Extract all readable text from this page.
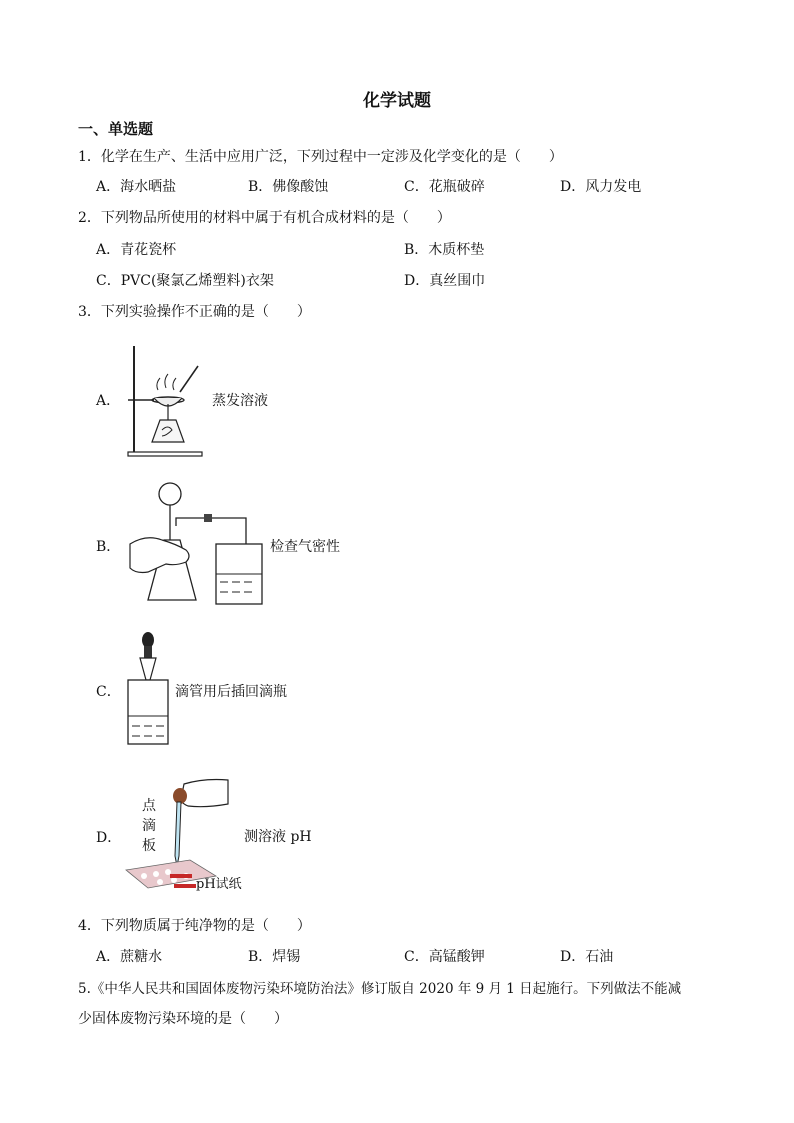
化学试题
一、单选题
1．化学在生产、生活中应用广泛，下列过程中一定涉及化学变化的是（　　）
A．海水晒盐	B．佛像酸蚀	C．花瓶破碎	D．风力发电
2．下列物品所使用的材料中属于有机合成材料的是（　　）
A．青花瓷杯	B．木质杯垫
C．PVC(聚氯乙烯塑料)衣架	D．真丝围巾
3．下列实验操作不正确的是（　　）
A．	蒸发溶液
B．	检查气密性
C．	滴管用后插回滴瓶
D．
点
滴
板
pH试纸
测溶液 pH
4．下列物质属于纯净物的是（　　）
A．蔗糖水	B．焊锡	C．高锰酸钾	D．石油
5.《中华人民共和国固体废物污染环境防治法》修订版自 2020 年 9 月 1 日起施行。下列做法不能减
少固体废物污染环境的是（　　）
